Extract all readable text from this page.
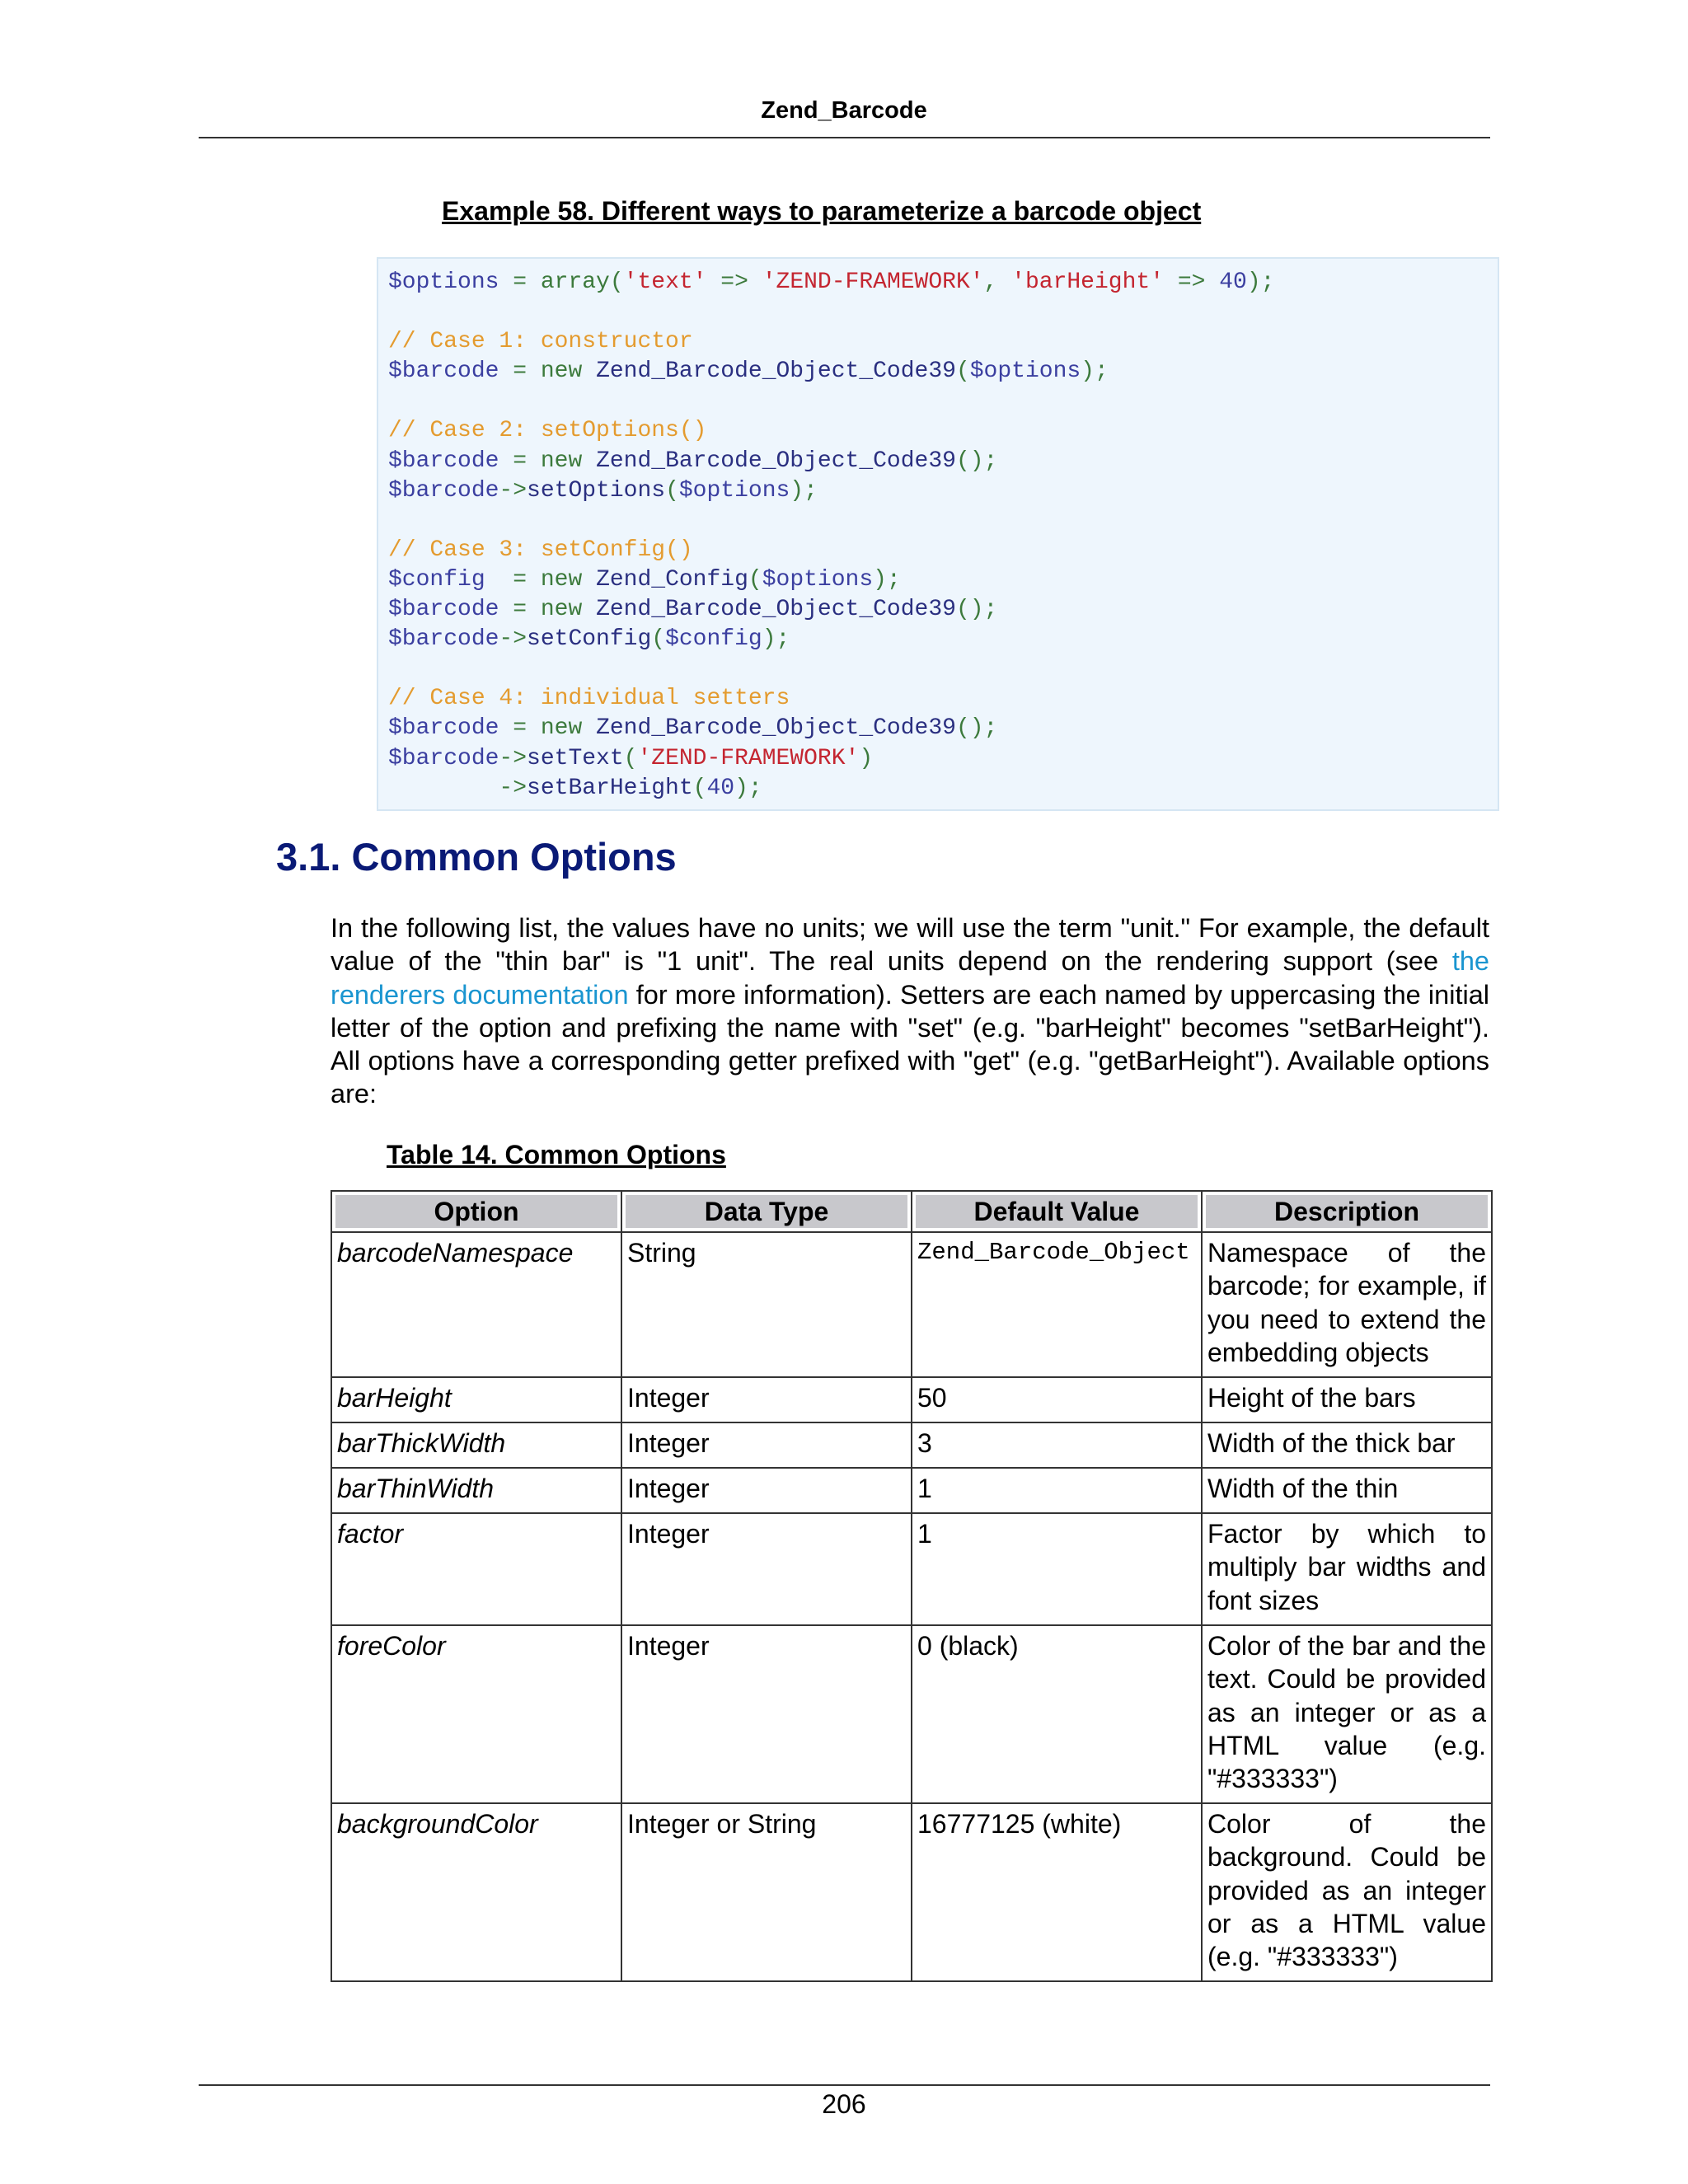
Zend_Barcode
Example 58. Different ways to parameterize a barcode object
$options = array('text' => 'ZEND-FRAMEWORK', 'barHeight' => 40);
// Case 1: constructor
$barcode = new Zend_Barcode_Object_Code39($options);
// Case 2: setOptions()
$barcode = new Zend_Barcode_Object_Code39();
$barcode->setOptions($options);
// Case 3: setConfig()
$config  = new Zend_Config($options);
$barcode = new Zend_Barcode_Object_Code39();
$barcode->setConfig($config);
// Case 4: individual setters
$barcode = new Zend_Barcode_Object_Code39();
$barcode->setText('ZEND-FRAMEWORK')
->setBarHeight(40);
3.1. Common Options
In the following list, the values have no units; we will use the term "unit." For example, the default value of the "thin bar" is "1 unit". The real units depend on the rendering support (see the renderers documentation for more information). Setters are each named by uppercasing the initial letter of the option and prefixing the name with "set" (e.g. "barHeight" becomes "setBarHeight"). All options have a corresponding getter prefixed with "get" (e.g. "getBarHeight"). Available options are:
Table 14. Common Options
Option	Data Type	Default Value	Description

barcodeNamespace	String	Zend_Barcode_Object	Namespace of the barcode; for example, if you need to extend the embedding objects
barHeight	Integer	50	Height of the bars
barThickWidth	Integer	3	Width of the thick bar
barThinWidth	Integer	1	Width of the thin
factor	Integer	1	Factor by which to multiply bar widths and font sizes
foreColor	Integer	0 (black)	Color of the bar and the text. Could be provided as an integer or as a HTML value (e.g. "#333333")
backgroundColor	Integer or String	16777125 (white)	Color of the background. Could be provided as an integer or as a HTML value (e.g. "#333333")
206
